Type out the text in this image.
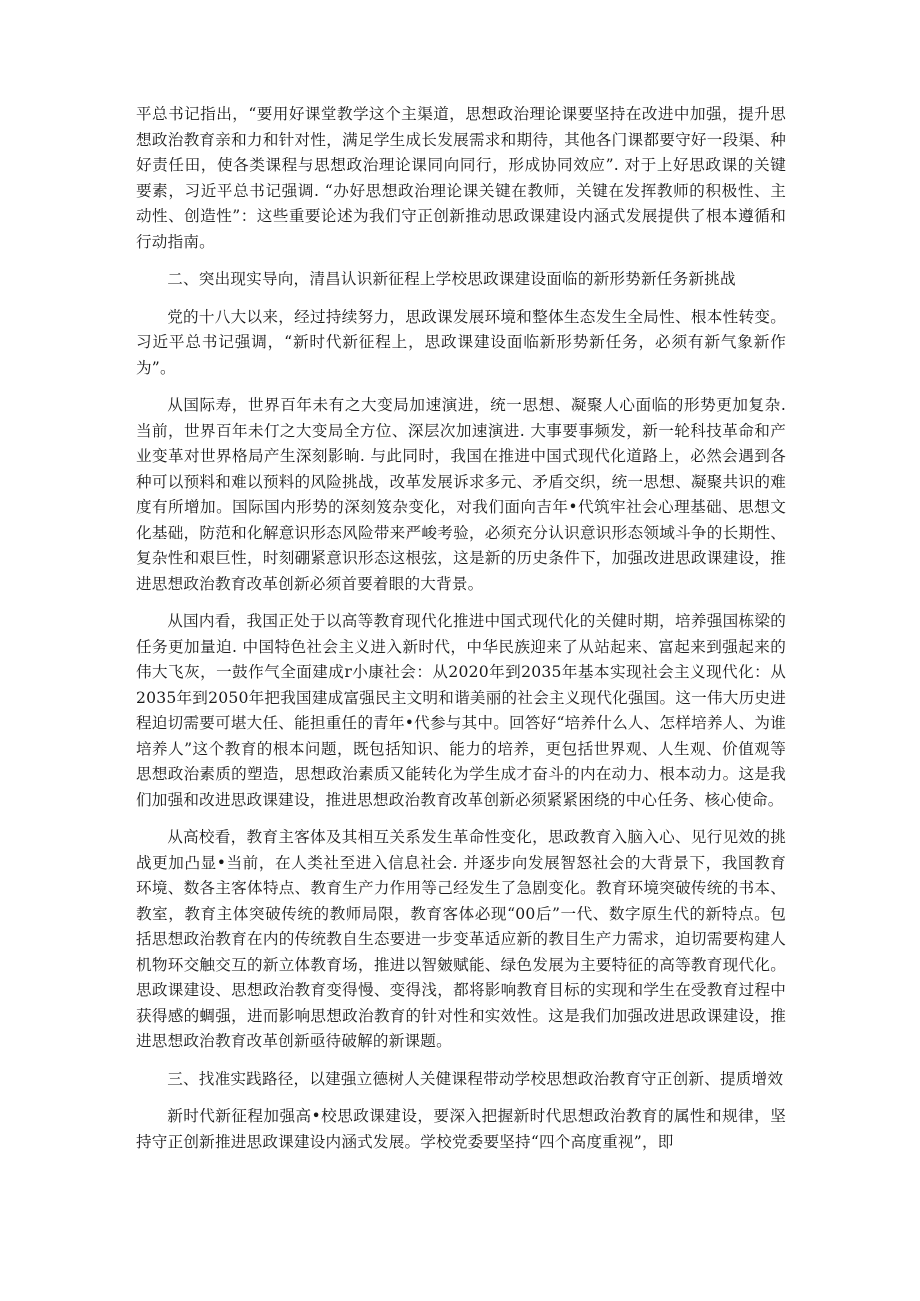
平总书记指出，“要用好课堂教学这个主渠道，思想政治理论课要坚持在改进中加强，提升思想政治教育亲和力和针对性，满足学生成长发展需求和期待，其他各门课都要守好一段渠、种好责任田，使各类课程与思想政治理论课同向同行，形成协同效应”. 对于上好思政课的关键要素，习近平总书记强调. “办好思想政治理论课关键在教师，关键在发挥教师的积极性、主动性、创造性”：这些重要论述为我们守正创新推动思政课建设内涵式发展提供了根本遵循和行动指南。

二、突出现实导向，清昌认识新征程上学校思政课建设面临的新形势新任务新挑战

党的十八大以来，经过持续努力，思政课发展环境和整体生态发生全局性、根本性转变。习近平总书记强调，“新时代新征程上，思政课建设面临新形势新任务，必须有新气象新作为”。

从国际寿，世界百年未有之大变局加速演进，统一思想、凝聚人心面临的形势更加复杂. 当前，世界百年未仃之大变局全方位、深层次加速演进. 大事要事频发，新一轮科技革命和产业变革对世界格局产生深刻影晌. 与此同时，我国在推进中国式现代化道路上，必然会遇到各种可以预料和难以预料的风险挑战，改革发展诉求多元、矛盾交织，统一思想、凝聚共识的难度有所增加。国际国内形势的深刻笈杂变化，对我们面向吉年•代筑牢社会心理基础、思想文化基础，防范和化解意识形态风险带来严峻考验，必须充分认识意识形态领域斗争的长期性、复杂性和艰巨性，时刻硼紧意识形态这根弦，这是新的历史条件下，加强改进思政课建设，推进思想政治教育改革创新必须首要着眼的大背景。

从国内看，我国正处于以高等教育现代化推进中国式现代化的关健时期，培养强国栋梁的任务更加量迫. 中国特色社会主义进入新时代，中华民族迎来了从站起来、富起来到强起来的伟大飞灰，一鼓作气全面建成r小康社会：从2020年到2035年基本实现社会主义现代化：从2035年到2050年把我国建成富强民主文明和谐美丽的社会主义现代化强国。这一伟大历史进程迫切需要可堪大任、能担重任的青年•代参与其中。回答好“培养什么人、怎样培养人、为谁培养人”这个教育的根本问题，既包括知识、能力的培养，更包括世界观、人生观、价值观等思想政治素质的塑造，思想政治素质又能转化为学生成才奋斗的内在动力、根本动力。这是我们加强和改进思政课建设，推进思想政治教育改革创新必须紧紧困绕的中心任务、核心使命。

从高校看，教育主客体及其相互关系发生革命性变化，思政教育入脑入心、见行见效的挑战更加凸显•当前，在人类社至进入信息社会. 并逐步向发展智怒社会的大背景下，我国教育环境、数各主客体特点、教育生产力作用等己经发生了急剧变化。教育环境突破传统的书本、教室，教育主体突破传统的教师局限，教育客体必现“00后”一代、数字原生代的新特点。包括思想政治教育在内的传统教自生态要进一步变革适应新的教目生产力需求，迫切需要构建人机物环交触交互的新立体教育场，推进以智皴赋能、绿色发展为主要特征的高等教育现代化。思政课建设、思想政治教育变得慢、变得浅，都将影响教育目标的实现和学生在受教育过程中获得感的蜩强，进而影响思想政治教育的针对性和实效性。这是我们加强改进思政课建设，推进思想政治教育改革创新亟待破解的新课题。

三、找准实践路径，以建强立德树人关健课程带动学校思想政治教育守正创新、提质增效

新时代新征程加强高•校思政课建设，要深入把握新时代思想政治教育的属性和规律，坚持守正创新推进思政课建设内涵式发展。学校党委要坚持“四个高度重视”，即
